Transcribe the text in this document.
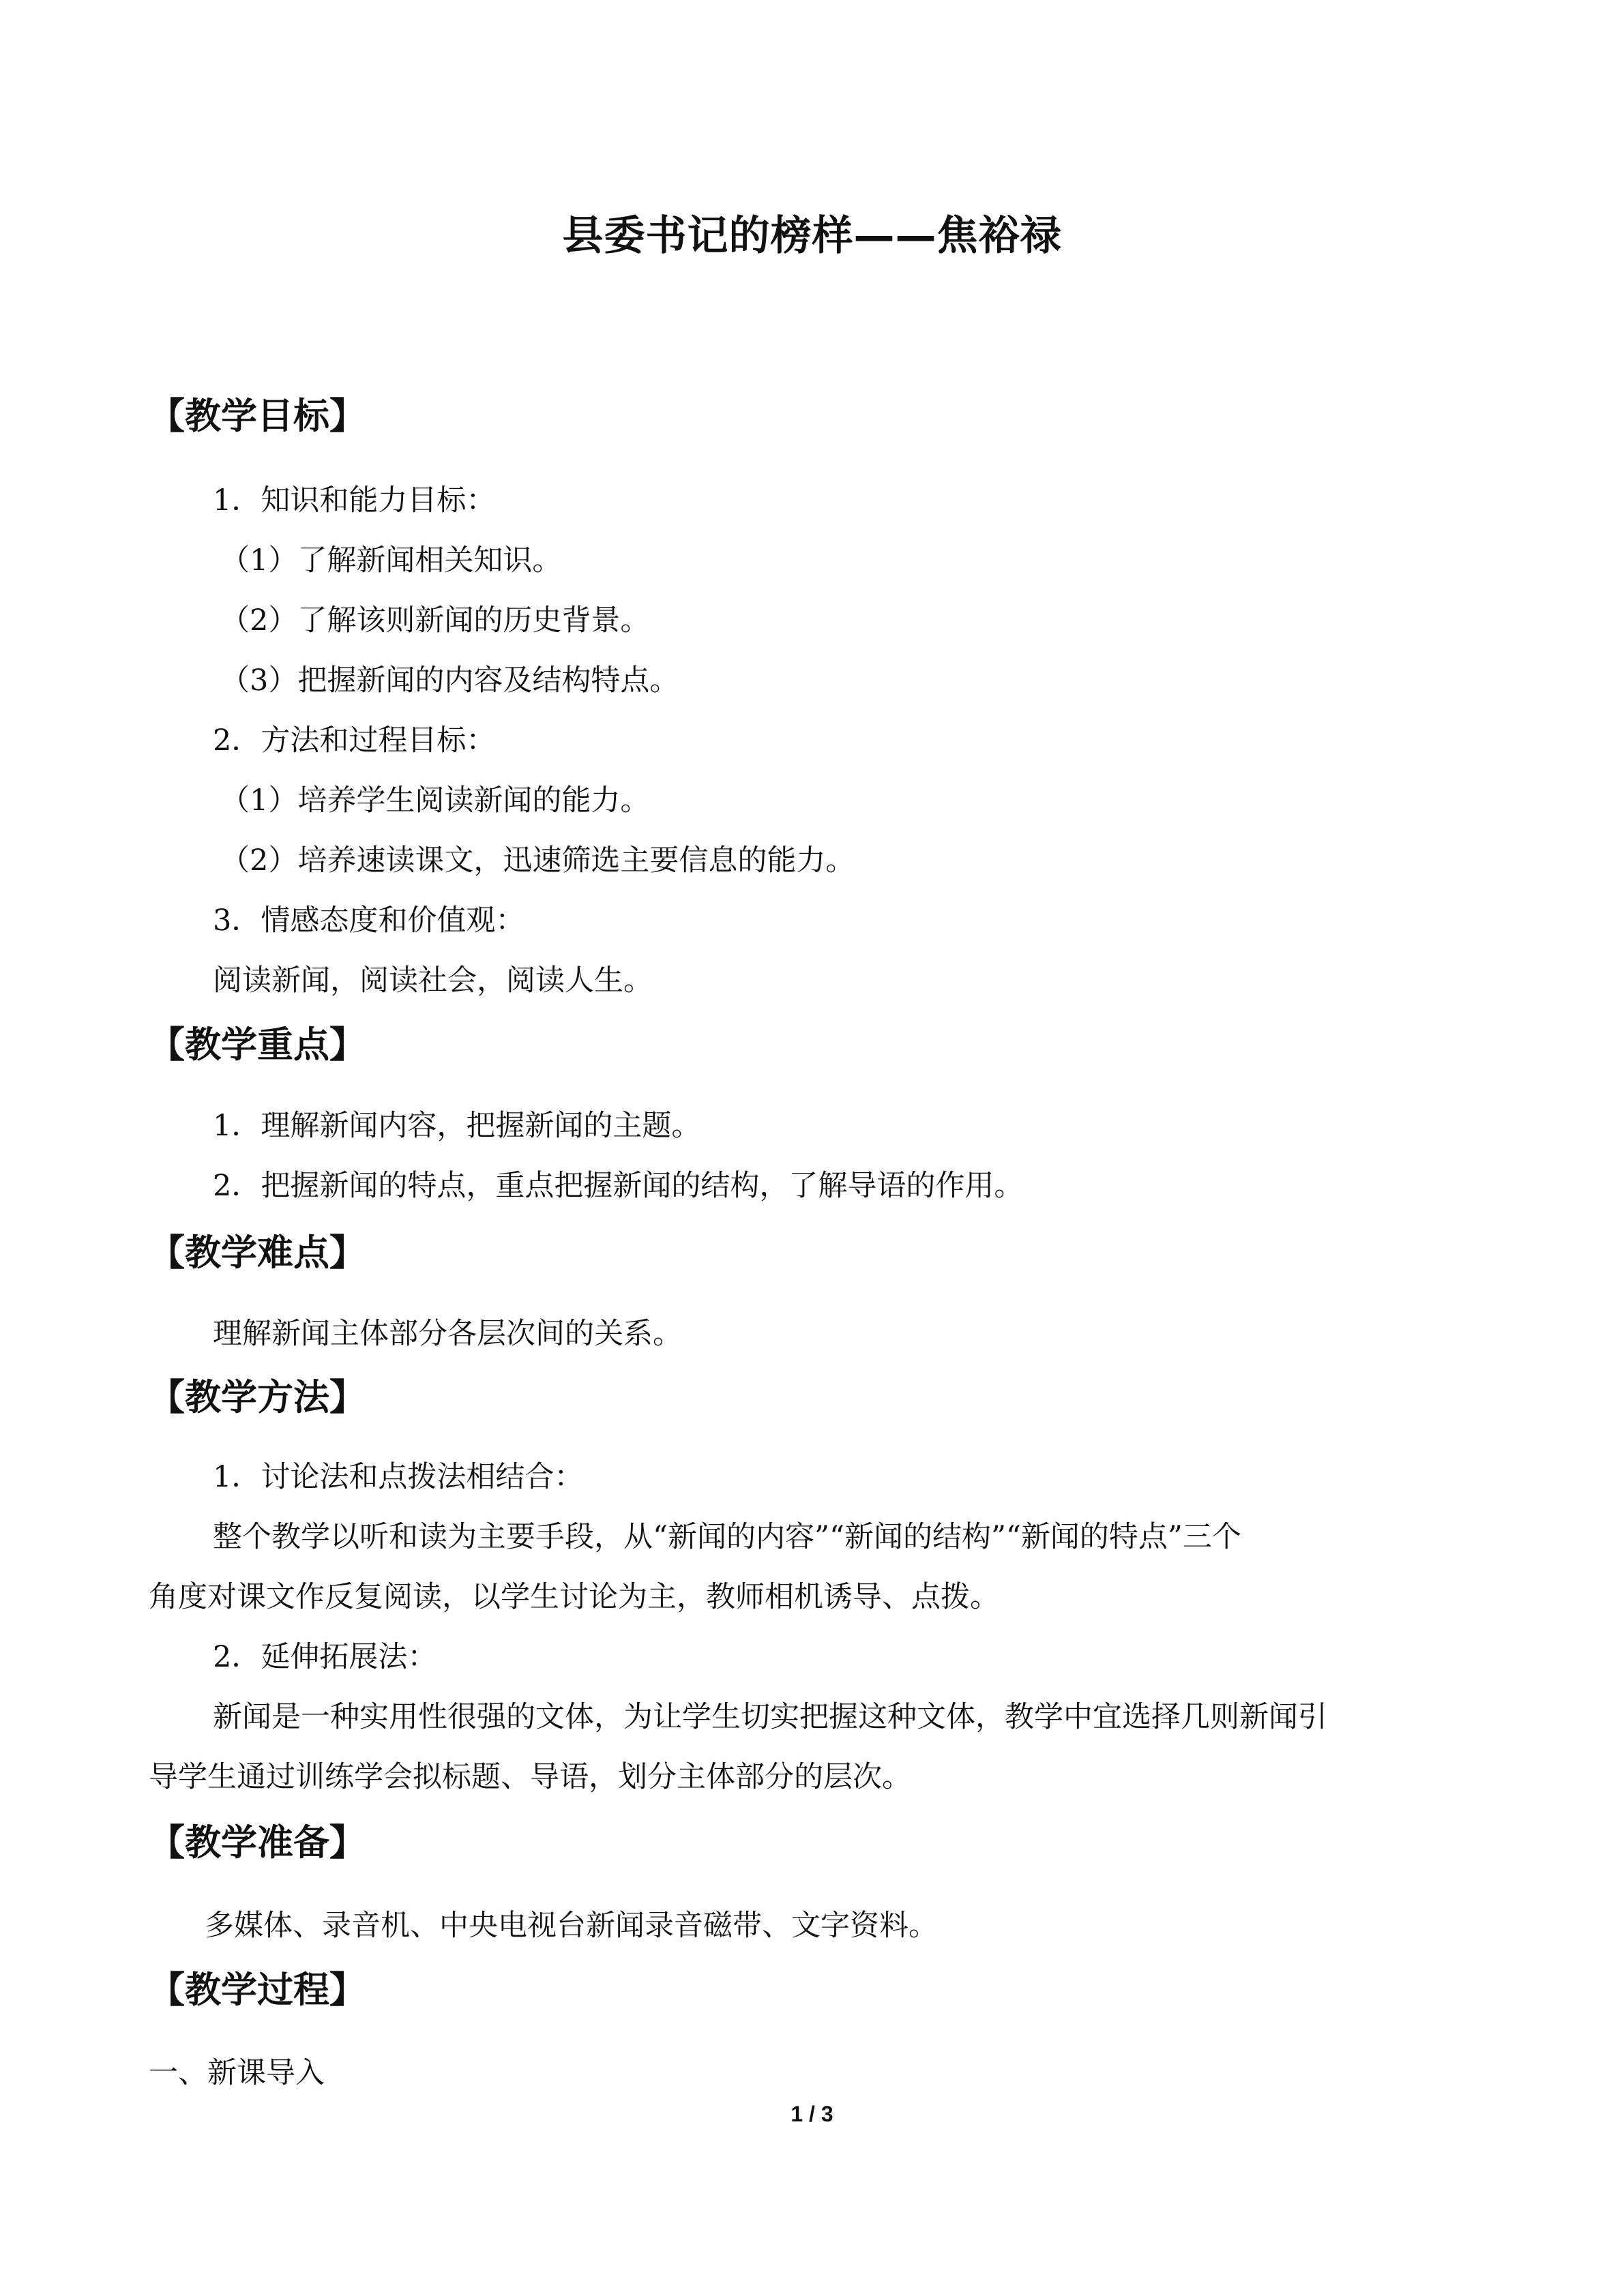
县委书记的榜样——焦裕禄
【教学目标】
1．知识和能力目标：
（1）了解新闻相关知识。
（2）了解该则新闻的历史背景。
（3）把握新闻的内容及结构特点。
2．方法和过程目标：
（1）培养学生阅读新闻的能力。
（2）培养速读课文，迅速筛选主要信息的能力。
3．情感态度和价值观：
阅读新闻，阅读社会，阅读人生。
【教学重点】
1．理解新闻内容，把握新闻的主题。
2．把握新闻的特点，重点把握新闻的结构，了解导语的作用。
【教学难点】
理解新闻主体部分各层次间的关系。
【教学方法】
1．讨论法和点拨法相结合：
整个教学以听和读为主要手段，从“新闻的内容”“新闻的结构”“新闻的特点”三个
角度对课文作反复阅读，以学生讨论为主，教师相机诱导、点拨。
2．延伸拓展法：
新闻是一种实用性很强的文体，为让学生切实把握这种文体，教学中宜选择几则新闻引
导学生通过训练学会拟标题、导语，划分主体部分的层次。
【教学准备】
多媒体、录音机、中央电视台新闻录音磁带、文字资料。
【教学过程】
一、新课导入
1 / 3
